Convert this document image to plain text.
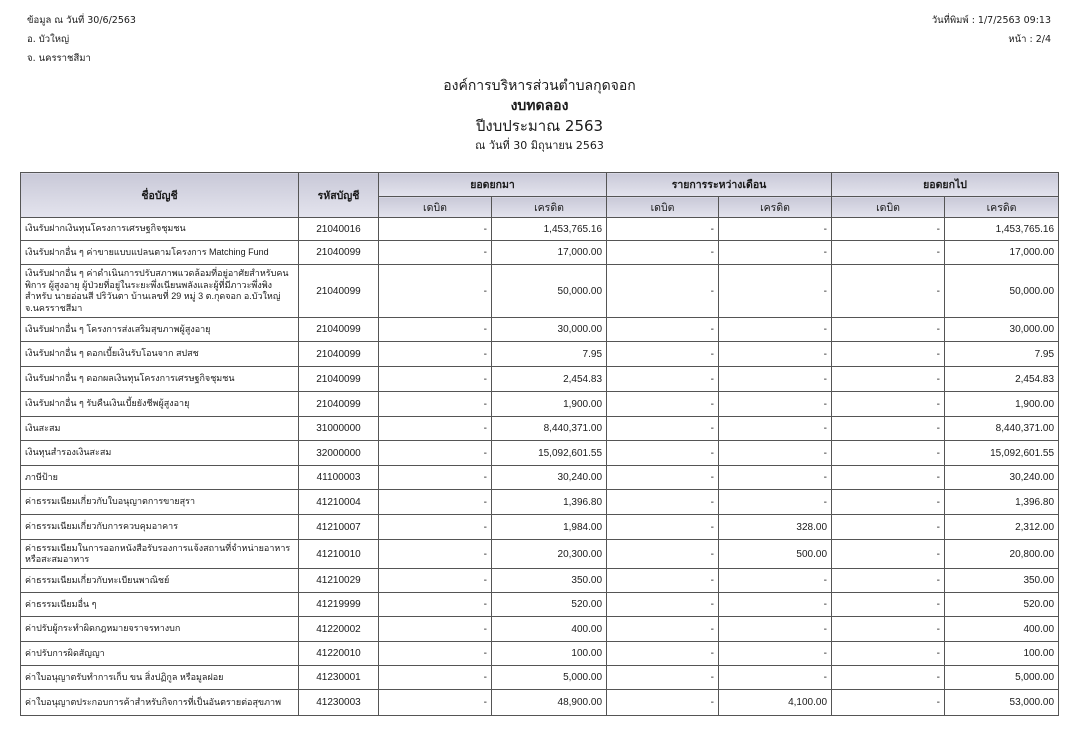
ข้อมูล ณ วันที่ 30/6/2563
อ. บัวใหญ่
จ. นครราชสีมา
วันที่พิมพ์ : 1/7/2563 09:13
หน้า : 2/4
องค์การบริหารส่วนตำบลกุดจอก
งบทดลอง
ปีงบประมาณ 2563
ณ วันที่ 30 มิถุนายน 2563
ชื่อบัญชี	รหัสบัญชี	ยอดยกมา		รายการระหว่างเดือน		ยอดยกไป	
		เดบิต	เครดิต	เดบิต	เครดิต	เดบิต	เครดิต
เงินรับฝากเงินทุนโครงการเศรษฐกิจชุมชน	21040016	-	1,453,765.16	-	-	-	1,453,765.16
เงินรับฝากอื่น ๆ ค่าขายแบบแปลนตามโครงการ Matching Fund	21040099	-	17,000.00	-	-	-	17,000.00
เงินรับฝากอื่น ๆ ค่าดำเนินการปรับสภาพแวดล้อมที่อยู่อาศัยสำหรับคนพิการ ผู้สูงอายุ ผู้ป่วยที่อยู่ในระยะพึ่งเนียนพลังและผู้ที่มีภาวะพึ่งพิงสำหรับ นายอ่อนสี ปริวันตา บ้านเลขที่ 29 หมู่ 3 ต.กุดจอก อ.บัวใหญ่ จ.นครราชสีมา	21040099	-	50,000.00	-	-	-	50,000.00
เงินรับฝากอื่น ๆ โครงการส่งเสริมสุขภาพผู้สูงอายุ	21040099	-	30,000.00	-	-	-	30,000.00
เงินรับฝากอื่น ๆ ดอกเบี้ยเงินรับโอนจาก สปสช	21040099	-	7.95	-	-	-	7.95
เงินรับฝากอื่น ๆ ดอกผลเงินทุนโครงการเศรษฐกิจชุมชน	21040099	-	2,454.83	-	-	-	2,454.83
เงินรับฝากอื่น ๆ รับคืนเงินเบี้ยยังชีพผู้สูงอายุ	21040099	-	1,900.00	-	-	-	1,900.00
เงินสะสม	31000000	-	8,440,371.00	-	-	-	8,440,371.00
เงินทุนสำรองเงินสะสม	32000000	-	15,092,601.55	-	-	-	15,092,601.55
ภาษีป้าย	41100003	-	30,240.00	-	-	-	30,240.00
ค่าธรรมเนียมเกี่ยวกับใบอนุญาตการขายสุรา	41210004	-	1,396.80	-	-	-	1,396.80
ค่าธรรมเนียมเกี่ยวกับการควบคุมอาคาร	41210007	-	1,984.00	-	328.00	-	2,312.00
ค่าธรรมเนียมในการออกหนังสือรับรองการแจ้งสถานที่จำหน่ายอาหารหรือสะสมอาหาร	41210010	-	20,300.00	-	500.00	-	20,800.00
ค่าธรรมเนียมเกี่ยวกับทะเบียนพาณิชย์	41210029	-	350.00	-	-	-	350.00
ค่าธรรมเนียมอื่น ๆ	41219999	-	520.00	-	-	-	520.00
ค่าปรับผู้กระทำผิดกฎหมายจราจรทางบก	41220002	-	400.00	-	-	-	400.00
ค่าปรับการผิดสัญญา	41220010	-	100.00	-	-	-	100.00
ค่าใบอนุญาตรับทำการเก็บ ขน สิ่งปฏิกูล หรือมูลฝอย	41230001	-	5,000.00	-	-	-	5,000.00
ค่าใบอนุญาตประกอบการค้าสำหรับกิจการที่เป็นอันตรายต่อสุขภาพ	41230003	-	48,900.00	-	4,100.00	-	53,000.00
